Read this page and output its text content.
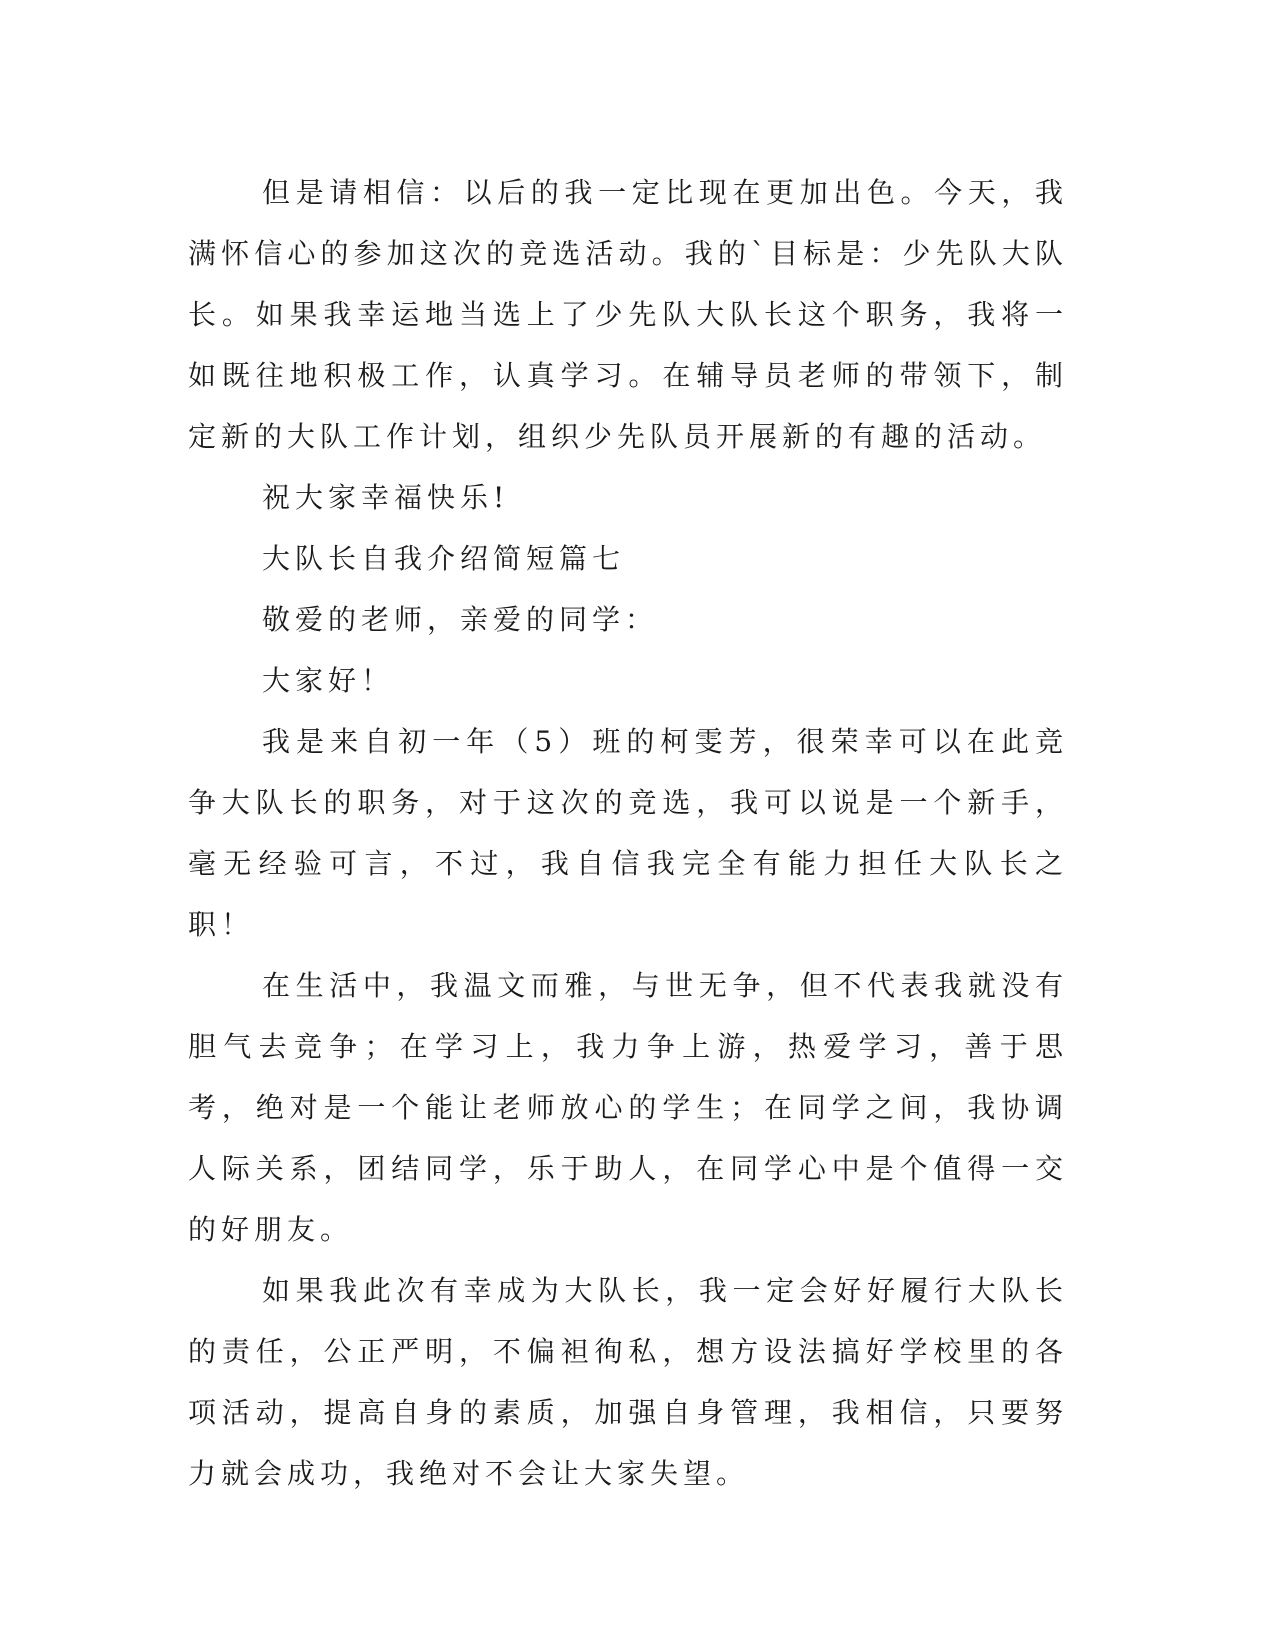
但是请相信：以后的我一定比现在更加出色。今天，我满怀信心的参加这次的竞选活动。我的`目标是：少先队大队长。如果我幸运地当选上了少先队大队长这个职务，我将一如既往地积极工作，认真学习。在辅导员老师的带领下，制定新的大队工作计划，组织少先队员开展新的有趣的活动。

祝大家幸福快乐!

大队长自我介绍简短篇七

敬爱的老师，亲爱的同学：

大家好！

我是来自初一年（5）班的柯雯芳，很荣幸可以在此竞争大队长的职务，对于这次的竞选，我可以说是一个新手，毫无经验可言，不过，我自信我完全有能力担任大队长之职！

在生活中，我温文而雅，与世无争，但不代表我就没有胆气去竞争；在学习上，我力争上游，热爱学习，善于思考，绝对是一个能让老师放心的学生；在同学之间，我协调人际关系，团结同学，乐于助人，在同学心中是个值得一交的好朋友。

如果我此次有幸成为大队长，我一定会好好履行大队长的责任，公正严明，不偏袒徇私，想方设法搞好学校里的各项活动，提高自身的素质，加强自身管理，我相信，只要努力就会成功，我绝对不会让大家失望。
